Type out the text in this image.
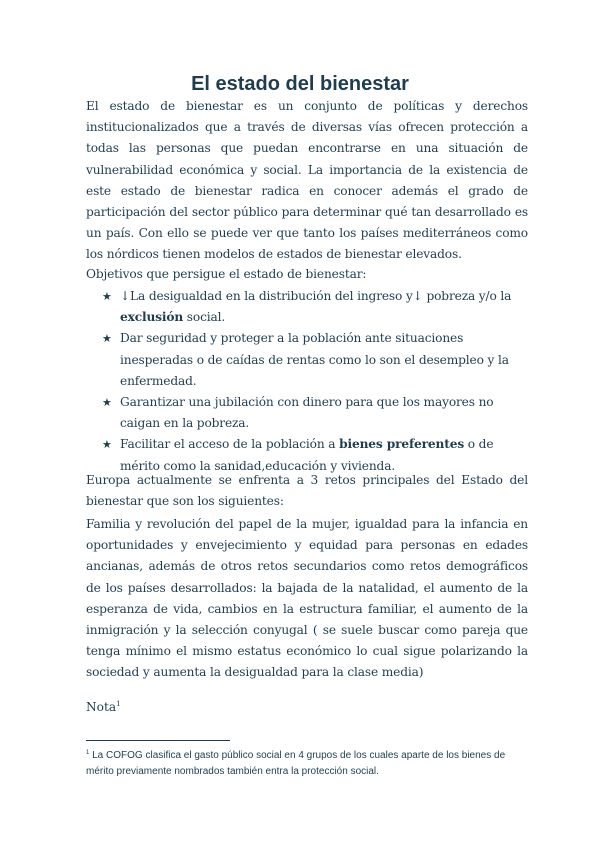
El estado del bienestar
El estado de bienestar es un conjunto de políticas y derechos institucionalizados que a través de diversas vías ofrecen protección a todas las personas que puedan encontrarse en una situación de vulnerabilidad económica y social. La importancia de la existencia de este estado de bienestar radica en conocer además el grado de participación del sector público para determinar qué tan desarrollado es un país. Con ello se puede ver que tanto los países mediterráneos como los nórdicos tienen modelos de estados de bienestar elevados.
Objetivos que persigue el estado de bienestar:
★ ↓La desigualdad en la distribución del ingreso y↓ pobreza y/o la exclusión social.
★ Dar seguridad y proteger a la población ante situaciones inesperadas o de caídas de rentas como lo son el desempleo y la enfermedad.
★ Garantizar una jubilación con dinero para que los mayores no caigan en la pobreza.
★ Facilitar el acceso de la población a bienes preferentes o de mérito como la sanidad,educación y vivienda.
Europa actualmente se enfrenta a 3 retos principales del Estado del bienestar que son los siguientes:
Familia y revolución del papel de la mujer, igualdad para la infancia en oportunidades y envejecimiento y equidad para personas en edades ancianas, además de otros retos secundarios como retos demográficos de los países desarrollados: la bajada de la natalidad, el aumento de la esperanza de vida, cambios en la estructura familiar, el aumento de la inmigración y la selección conyugal ( se suele buscar como pareja que tenga mínimo el mismo estatus económico lo cual sigue polarizando la sociedad y aumenta la desigualdad para la clase media)
Nota$^1$
$^1$ La COFOG clasifica el gasto público social en 4 grupos de los cuales aparte de los bienes de mérito previamente nombrados también entra la protección social.
